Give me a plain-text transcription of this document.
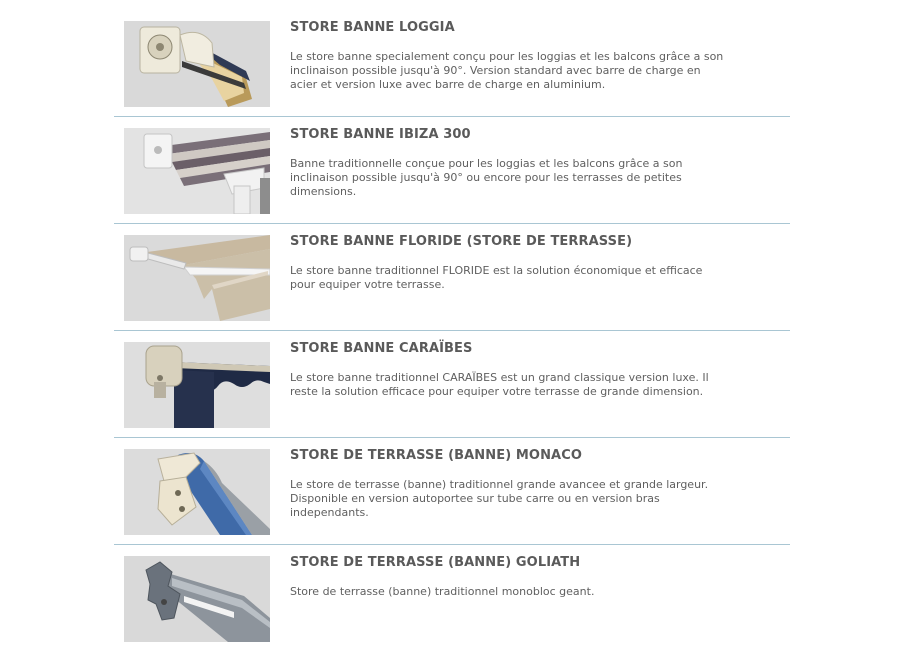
STORE BANNE LOGGIA

Le store banne specialement conçu pour les loggias et les balcons grâce a son inclinaison possible jusqu'à 90°. Version standard avec barre de charge en acier et version luxe avec barre de charge en aluminium.

STORE BANNE IBIZA 300

Banne traditionnelle conçue pour les loggias et les balcons grâce a son inclinaison possible jusqu'à 90° ou encore pour les terrasses de petites dimensions.

STORE BANNE FLORIDE (STORE DE TERRASSE)

Le store banne traditionnel FLORIDE est la solution économique et efficace pour equiper votre terrasse.

STORE BANNE CARAÏBES

Le store banne traditionnel CARAÏBES est un grand classique version luxe. Il reste la solution efficace pour equiper votre terrasse de grande dimension.

STORE DE TERRASSE (BANNE) MONACO

Le store de terrasse (banne) traditionnel grande avancee et grande largeur. Disponible en version autoportee sur tube carre ou en version bras independants.

STORE DE TERRASSE (BANNE) GOLIATH

Store de terrasse (banne) traditionnel monobloc geant.
